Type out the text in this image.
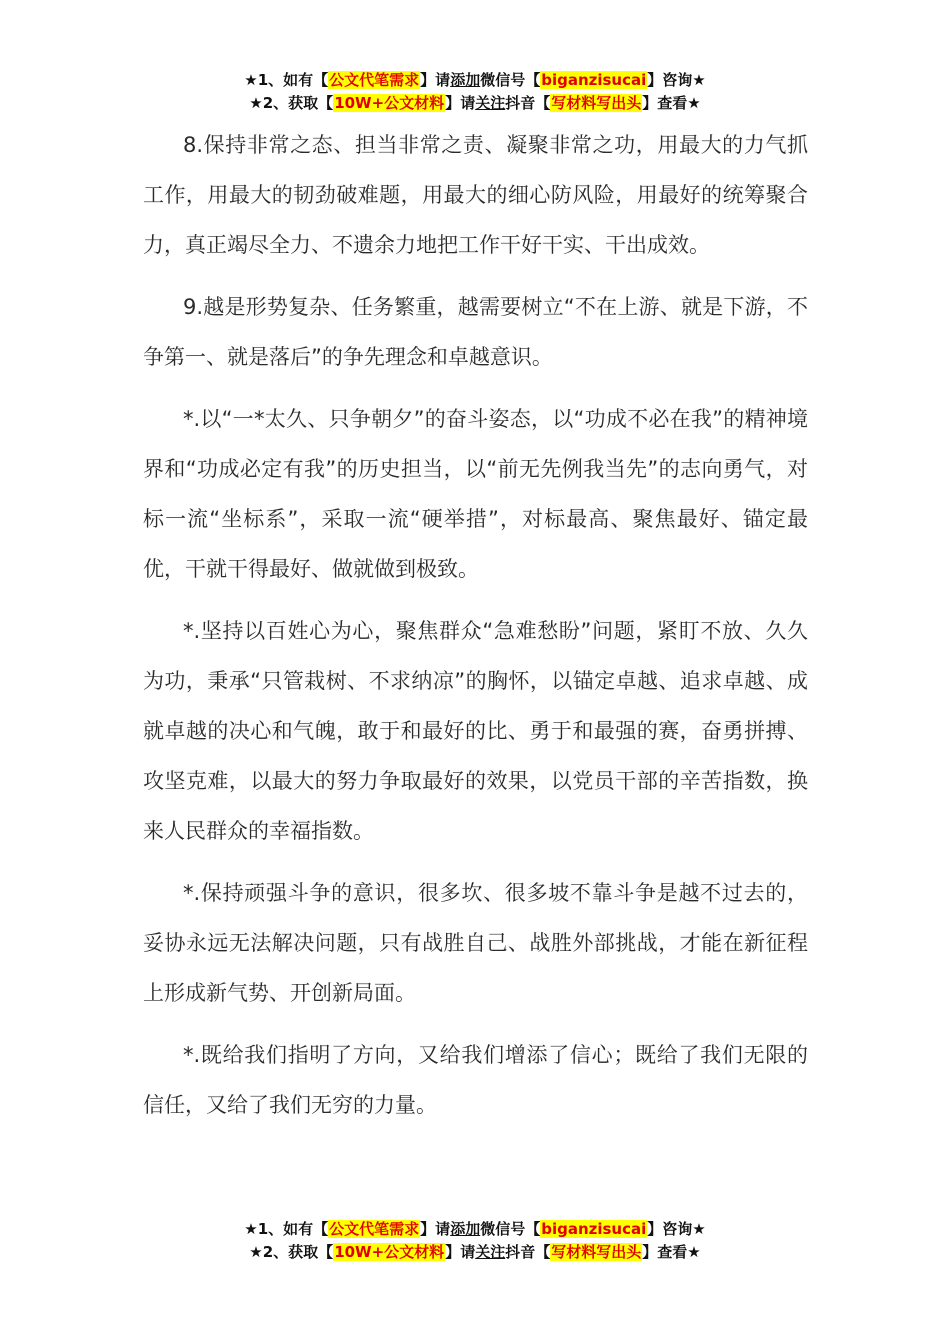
★1、如有【公文代笔需求】请添加微信号【biganzisucai】咨询★
★2、获取【10W+公文材料】请关注抖音【写材料写出头】查看★

8.保持非常之态、担当非常之责、凝聚非常之功，用最大的力气抓工作，用最大的韧劲破难题，用最大的细心防风险，用最好的统筹聚合力，真正竭尽全力、不遗余力地把工作干好干实、干出成效。

9.越是形势复杂、任务繁重，越需要树立“不在上游、就是下游，不争第一、就是落后”的争先理念和卓越意识。

*.以“一*太久、只争朝夕”的奋斗姿态，以“功成不必在我”的精神境界和“功成必定有我”的历史担当，以“前无先例我当先”的志向勇气，对标一流“坐标系”，采取一流“硬举措”，对标最高、聚焦最好、锚定最优，干就干得最好、做就做到极致。

*.坚持以百姓心为心，聚焦群众“急难愁盼”问题，紧盯不放、久久为功，秉承“只管栽树、不求纳凉”的胸怀，以锚定卓越、追求卓越、成就卓越的决心和气魄，敢于和最好的比、勇于和最强的赛，奋勇拼搏、攻坚克难，以最大的努力争取最好的效果，以党员干部的辛苦指数，换来人民群众的幸福指数。

*.保持顽强斗争的意识，很多坎、很多坡不靠斗争是越不过去的，妥协永远无法解决问题，只有战胜自己、战胜外部挑战，才能在新征程上形成新气势、开创新局面。

*.既给我们指明了方向，又给我们增添了信心；既给了我们无限的信任，又给了我们无穷的力量。

★1、如有【公文代笔需求】请添加微信号【biganzisucai】咨询★
★2、获取【10W+公文材料】请关注抖音【写材料写出头】查看★
